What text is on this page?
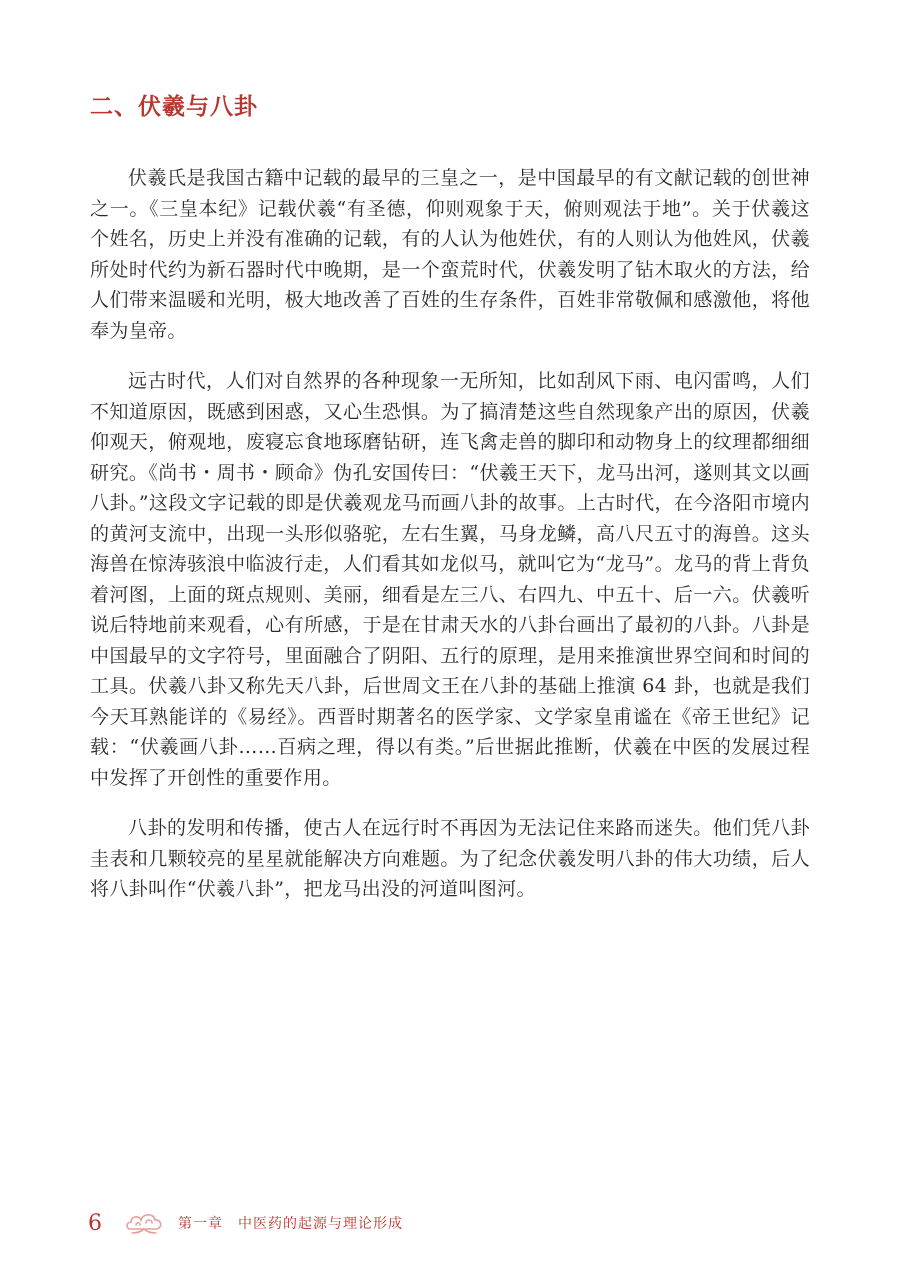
二、伏羲与八卦

伏羲氏是我国古籍中记载的最早的三皇之一，是中国最早的有文献记载的创世神之一。《三皇本纪》记载伏羲“有圣德，仰则观象于天，俯则观法于地”。关于伏羲这个姓名，历史上并没有准确的记载，有的人认为他姓伏，有的人则认为他姓风，伏羲所处时代约为新石器时代中晚期，是一个蛮荒时代，伏羲发明了钻木取火的方法，给人们带来温暖和光明，极大地改善了百姓的生存条件，百姓非常敬佩和感激他，将他奉为皇帝。

远古时代，人们对自然界的各种现象一无所知，比如刮风下雨、电闪雷鸣，人们不知道原因，既感到困惑，又心生恐惧。为了搞清楚这些自然现象产出的原因，伏羲仰观天，俯观地，废寝忘食地琢磨钻研，连飞禽走兽的脚印和动物身上的纹理都细细研究。《尚书・周书・顾命》伪孔安国传曰：“伏羲王天下，龙马出河，遂则其文以画八卦。”这段文字记载的即是伏羲观龙马而画八卦的故事。上古时代，在今洛阳市境内的黄河支流中，出现一头形似骆驼，左右生翼，马身龙鳞，高八尺五寸的海兽。这头海兽在惊涛骇浪中临波行走，人们看其如龙似马，就叫它为“龙马”。龙马的背上背负着河图，上面的斑点规则、美丽，细看是左三八、右四九、中五十、后一六。伏羲听说后特地前来观看，心有所感，于是在甘肃天水的八卦台画出了最初的八卦。八卦是中国最早的文字符号，里面融合了阴阳、五行的原理，是用来推演世界空间和时间的工具。伏羲八卦又称先天八卦，后世周文王在八卦的基础上推演 64 卦，也就是我们今天耳熟能详的《易经》。西晋时期著名的医学家、文学家皇甫谧在《帝王世纪》记载：“伏羲画八卦……百病之理，得以有类。”后世据此推断，伏羲在中医的发展过程中发挥了开创性的重要作用。

八卦的发明和传播，使古人在远行时不再因为无法记住来路而迷失。他们凭八卦圭表和几颗较亮的星星就能解决方向难题。为了纪念伏羲发明八卦的伟大功绩，后人将八卦叫作“伏羲八卦”，把龙马出没的河道叫图河。

6	第一章　中医药的起源与理论形成
